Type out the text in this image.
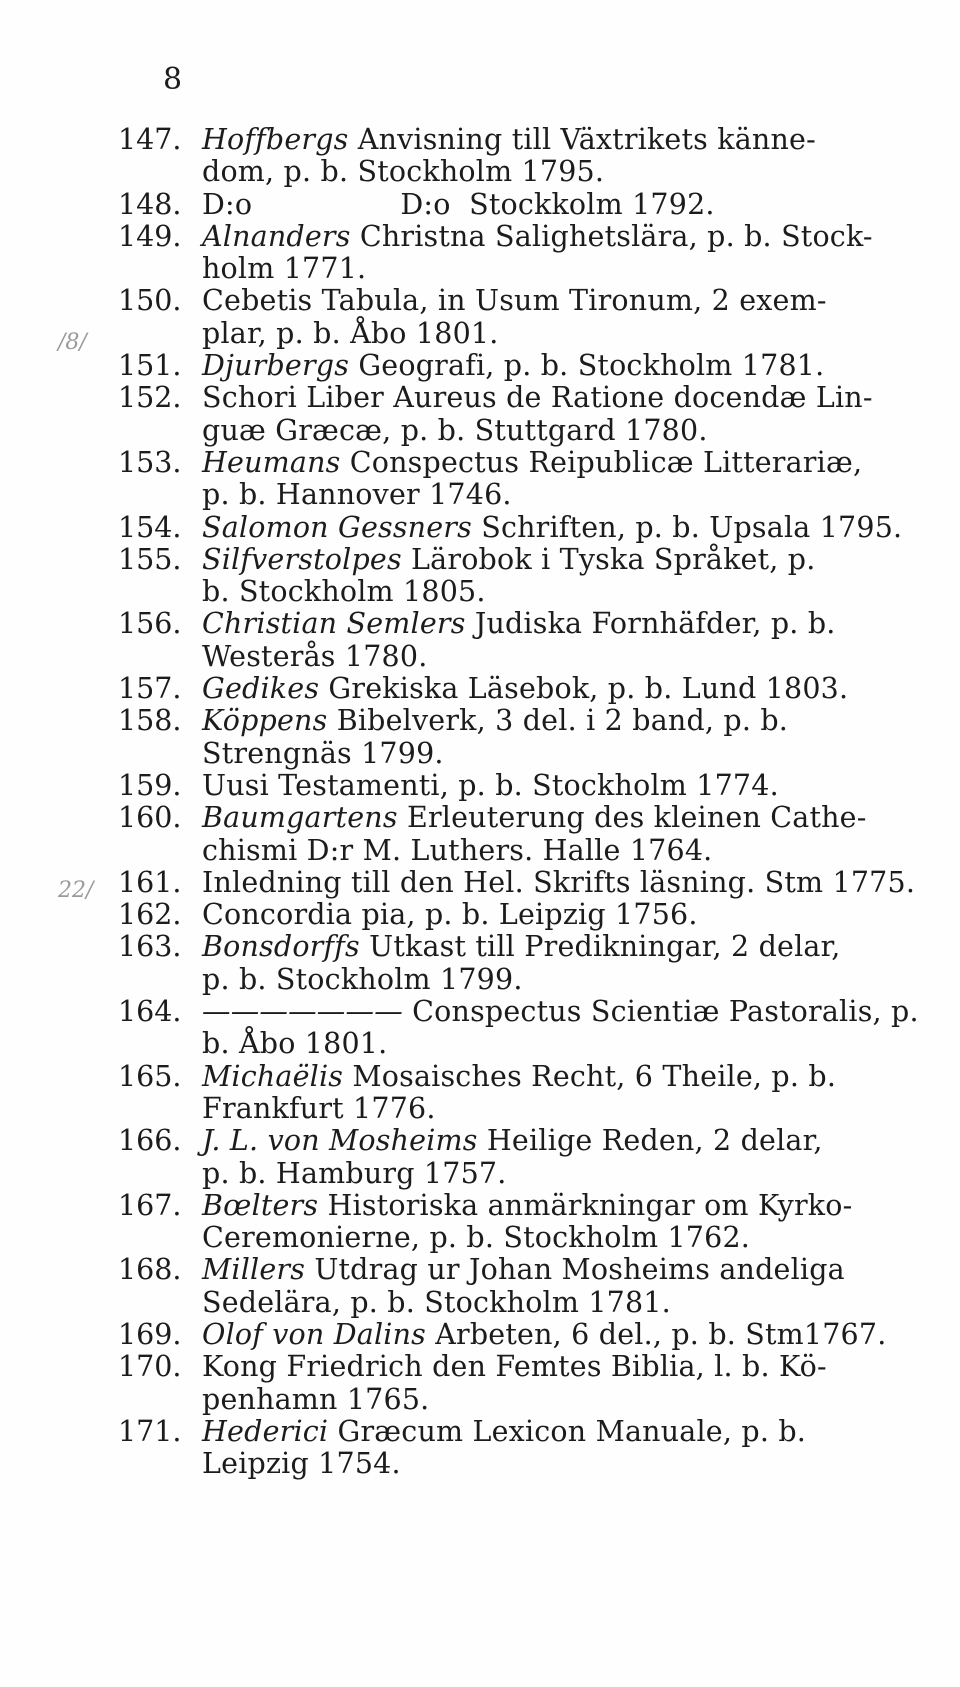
8
/8/
22/
147. Hoffbergs Anvisning till Växtrikets känne-
dom, p. b. Stockholm 1795.
148. D:o                D:o  Stockkolm 1792.
149. Alnanders Christna Salighetslära, p. b. Stock-
holm 1771.
150. Cebetis Tabula, in Usum Tironum, 2 exem-
plar, p. b. Åbo 1801.
151. Djurbergs Geografi, p. b. Stockholm 1781.
152. Schori Liber Aureus de Ratione docendæ Lin-
guæ Græcæ, p. b. Stuttgard 1780.
153. Heumans Conspectus Reipublicæ Litterariæ,
p. b. Hannover 1746.
154. Salomon Gessners Schriften, p. b. Upsala 1795.
155. Silfverstolpes Lärobok i Tyska Språket, p.
b. Stockholm 1805.
156. Christian Semlers Judiska Fornhäfder, p. b.
Westerås 1780.
157. Gedikes Grekiska Läsebok, p. b. Lund 1803.
158. Köppens Bibelverk, 3 del. i 2 band, p. b.
Strengnäs 1799.
159. Uusi Testamenti, p. b. Stockholm 1774.
160. Baumgartens Erleuterung des kleinen Cathe-
chismi D:r M. Luthers. Halle 1764.
161. Inledning till den Hel. Skrifts läsning. Stm 1775.
162. Concordia pia, p. b. Leipzig 1756.
163. Bonsdorffs Utkast till Predikningar, 2 delar,
p. b. Stockholm 1799.
164. ——————— Conspectus Scientiæ Pastoralis, p.
b. Åbo 1801.
165. Michaëlis Mosaisches Recht, 6 Theile, p. b.
Frankfurt 1776.
166. J. L. von Mosheims Heilige Reden, 2 delar,
p. b. Hamburg 1757.
167. Bœlters Historiska anmärkningar om Kyrko-
Ceremonierne, p. b. Stockholm 1762.
168. Millers Utdrag ur Johan Mosheims andeliga
Sedelära, p. b. Stockholm 1781.
169. Olof von Dalins Arbeten, 6 del., p. b. Stm1767.
170. Kong Friedrich den Femtes Biblia, l. b. Kö-
penhamn 1765.
171. Hederici Græcum Lexicon Manuale, p. b.
Leipzig 1754.
